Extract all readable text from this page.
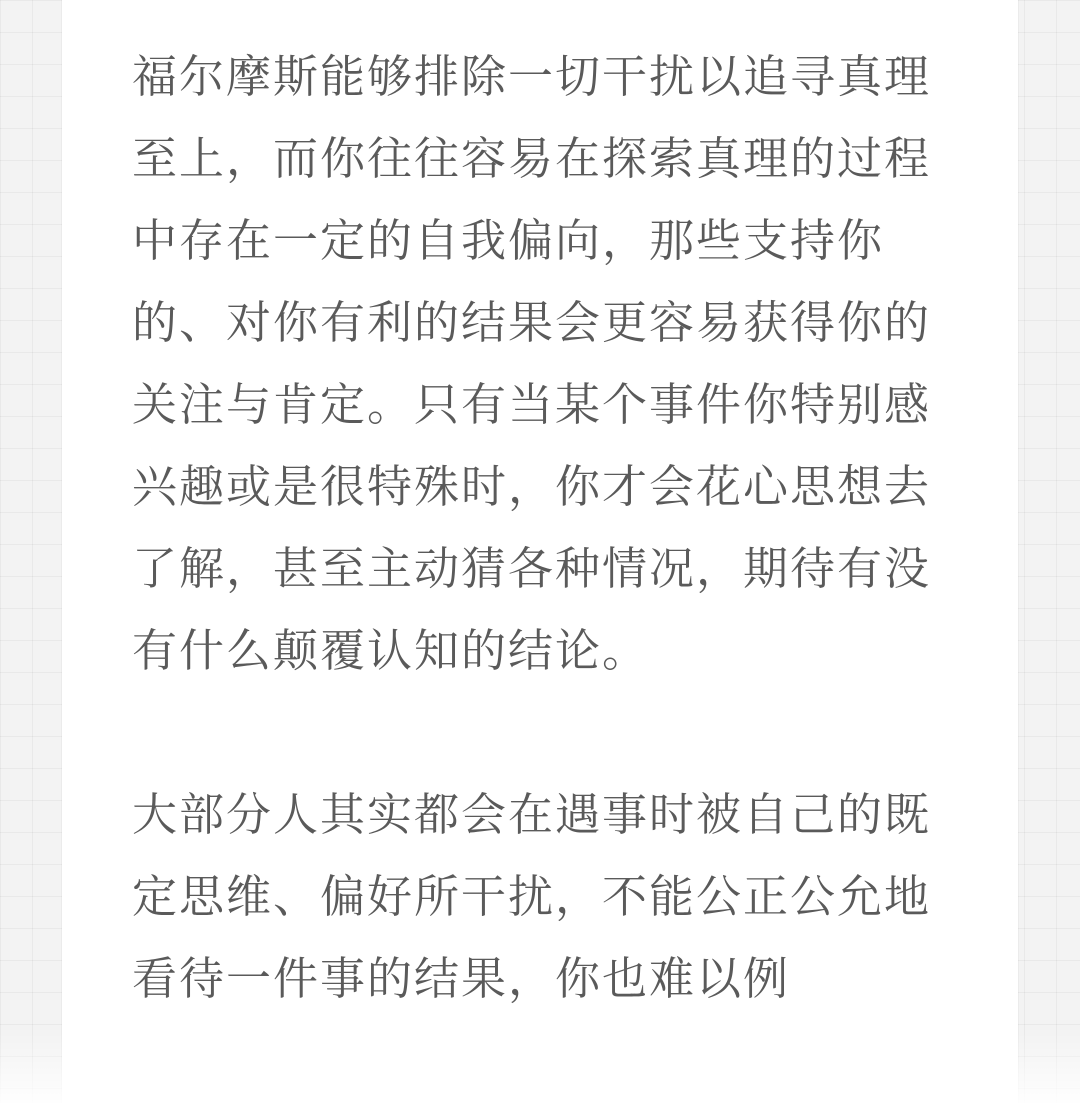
福尔摩斯能够排除一切干扰以追寻真理至上，而你往往容易在探索真理的过程中存在一定的自我偏向，那些支持你的、对你有利的结果会更容易获得你的关注与肯定。只有当某个事件你特别感兴趣或是很特殊时，你才会花心思想去了解，甚至主动猜各种情况，期待有没有什么颠覆认知的结论。

大部分人其实都会在遇事时被自己的既定思维、偏好所干扰，不能公正公允地看待一件事的结果，你也难以例
